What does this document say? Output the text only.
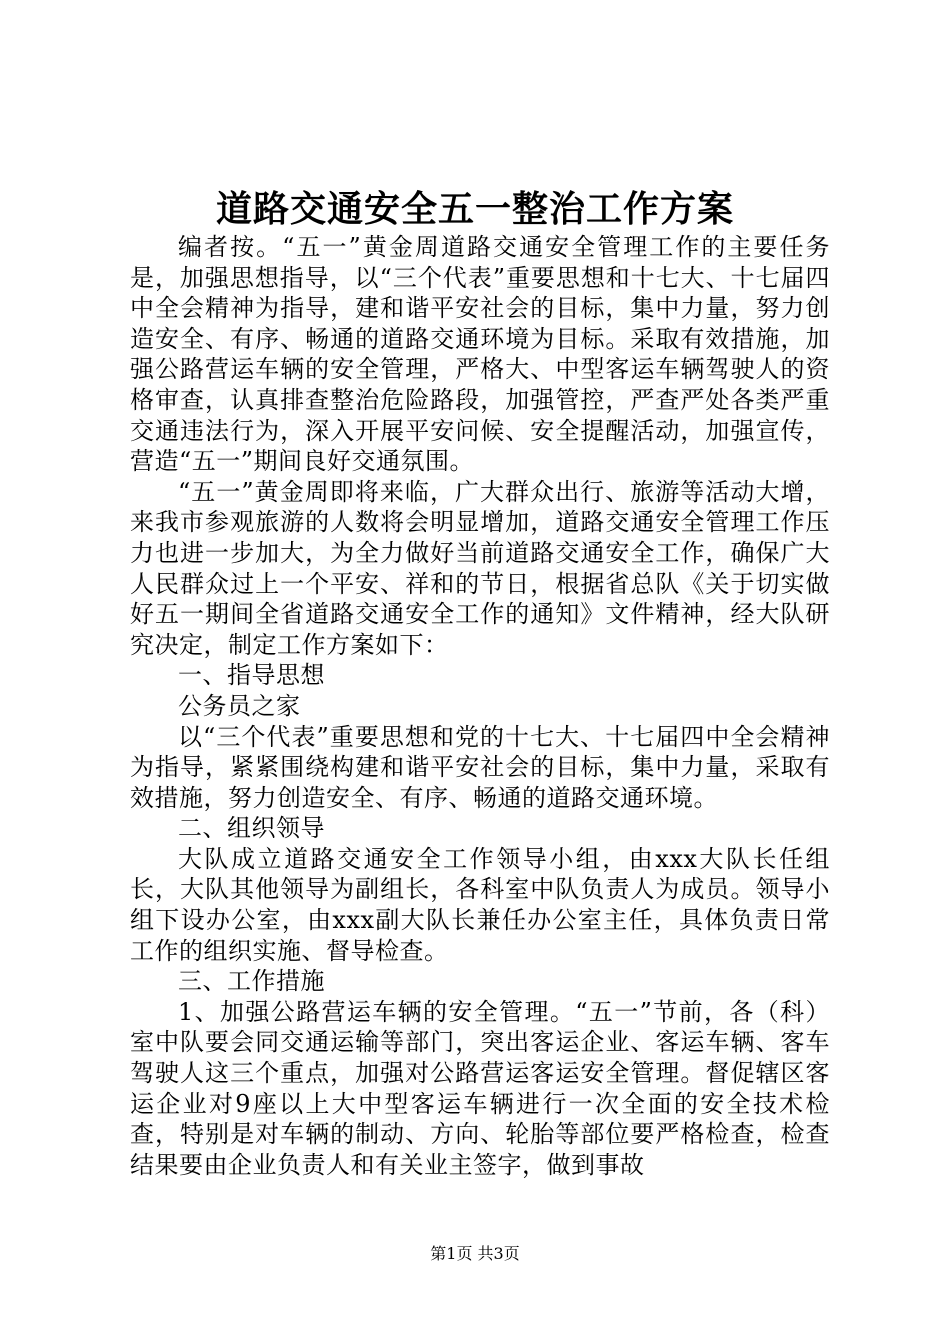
道路交通安全五一整治工作方案

编者按。“五一”黄金周道路交通安全管理工作的主要任务是，加强思想指导，以“三个代表”重要思想和十七大、十七届四中全会精神为指导，建和谐平安社会的目标，集中力量，努力创造安全、有序、畅通的道路交通环境为目标。采取有效措施，加强公路营运车辆的安全管理，严格大、中型客运车辆驾驶人的资格审查，认真排查整治危险路段，加强管控，严查严处各类严重交通违法行为，深入开展平安问候、安全提醒活动，加强宣传，营造“五一”期间良好交通氛围。

“五一”黄金周即将来临，广大群众出行、旅游等活动大增，来我市参观旅游的人数将会明显增加，道路交通安全管理工作压力也进一步加大，为全力做好当前道路交通安全工作，确保广大人民群众过上一个平安、祥和的节日，根据省总队《关于切实做好五一期间全省道路交通安全工作的通知》文件精神，经大队研究决定，制定工作方案如下：

一、指导思想

公务员之家

以“三个代表”重要思想和党的十七大、十七届四中全会精神为指导，紧紧围绕构建和谐平安社会的目标，集中力量，采取有效措施，努力创造安全、有序、畅通的道路交通环境。

二、组织领导

大队成立道路交通安全工作领导小组，由xxx大队长任组长，大队其他领导为副组长，各科室中队负责人为成员。领导小组下设办公室，由xxx副大队长兼任办公室主任，具体负责日常工作的组织实施、督导检查。

三、工作措施

1、加强公路营运车辆的安全管理。“五一”节前，各（科）室中队要会同交通运输等部门，突出客运企业、客运车辆、客车驾驶人这三个重点，加强对公路营运客运安全管理。督促辖区客运企业对9座以上大中型客运车辆进行一次全面的安全技术检查，特别是对车辆的制动、方向、轮胎等部位要严格检查，检查结果要由企业负责人和有关业主签字，做到事故

第1页 共3页
